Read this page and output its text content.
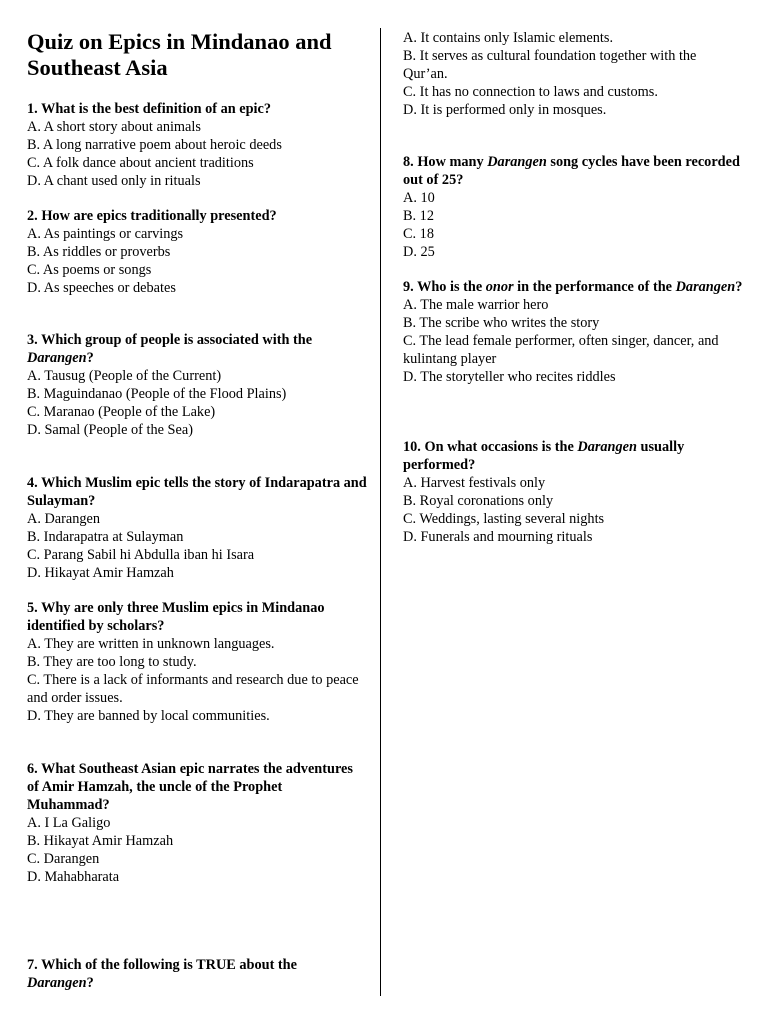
Quiz on Epics in Mindanao and Southeast Asia

1. What is the best definition of an epic?

A. A short story about animals

B. A long narrative poem about heroic deeds

C. A folk dance about ancient traditions

D. A chant used only in rituals

2. How are epics traditionally presented?

A. As paintings or carvings

B. As riddles or proverbs

C. As poems or songs

D. As speeches or debates

3. Which group of people is associated with the Darangen?

A. Tausug (People of the Current)

B. Maguindanao (People of the Flood Plains)

C. Maranao (People of the Lake)

D. Samal (People of the Sea)

4. Which Muslim epic tells the story of Indarapatra and Sulayman?

A. Darangen

B. Indarapatra at Sulayman

C. Parang Sabil hi Abdulla iban hi Isara

D. Hikayat Amir Hamzah

5. Why are only three Muslim epics in Mindanao identified by scholars?

A. They are written in unknown languages.

B. They are too long to study.

C. There is a lack of informants and research due to peace and order issues.

D. They are banned by local communities.

6. What Southeast Asian epic narrates the adventures of Amir Hamzah, the uncle of the Prophet Muhammad?

A. I La Galigo

B. Hikayat Amir Hamzah

C. Darangen

D. Mahabharata

7. Which of the following is TRUE about the Darangen?

A. It contains only Islamic elements.

B. It serves as cultural foundation together with the Qur’an.

C. It has no connection to laws and customs.

D. It is performed only in mosques.

8. How many Darangen song cycles have been recorded out of 25?

A. 10

B. 12

C. 18

D. 25

9. Who is the onor in the performance of the Darangen?

A. The male warrior hero

B. The scribe who writes the story

C. The lead female performer, often singer, dancer, and kulintang player

D. The storyteller who recites riddles

10. On what occasions is the Darangen usually performed?

A. Harvest festivals only

B. Royal coronations only

C. Weddings, lasting several nights

D. Funerals and mourning rituals
